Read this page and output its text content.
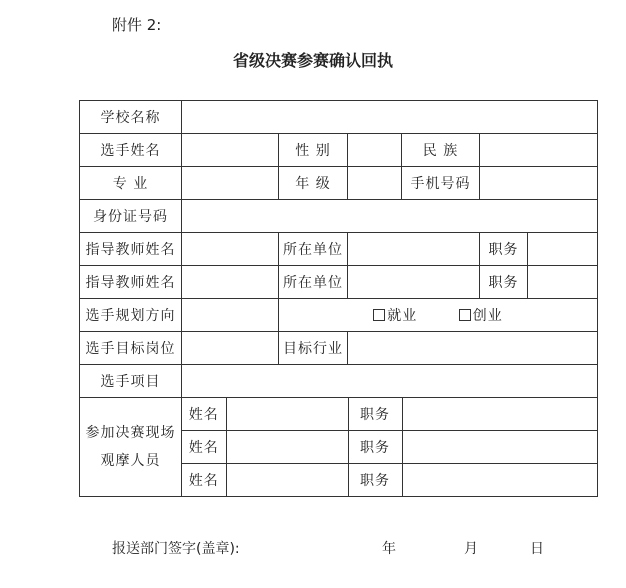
附件 2:
省级决赛参赛确认回执
学校名称	
选手姓名		性 别		民 族	
专 业		年 级		手机号码	
身份证号码	
指导教师姓名		所在单位		职务	
指导教师姓名		所在单位		职务	
选手规划方向		就业	创业
选手目标岗位		目标行业	
选手项目	

参加决赛现场
观摩人员

姓名		职务	
姓名		职务	
姓名		职务	
报送部门签字(盖章):	年	月	日
